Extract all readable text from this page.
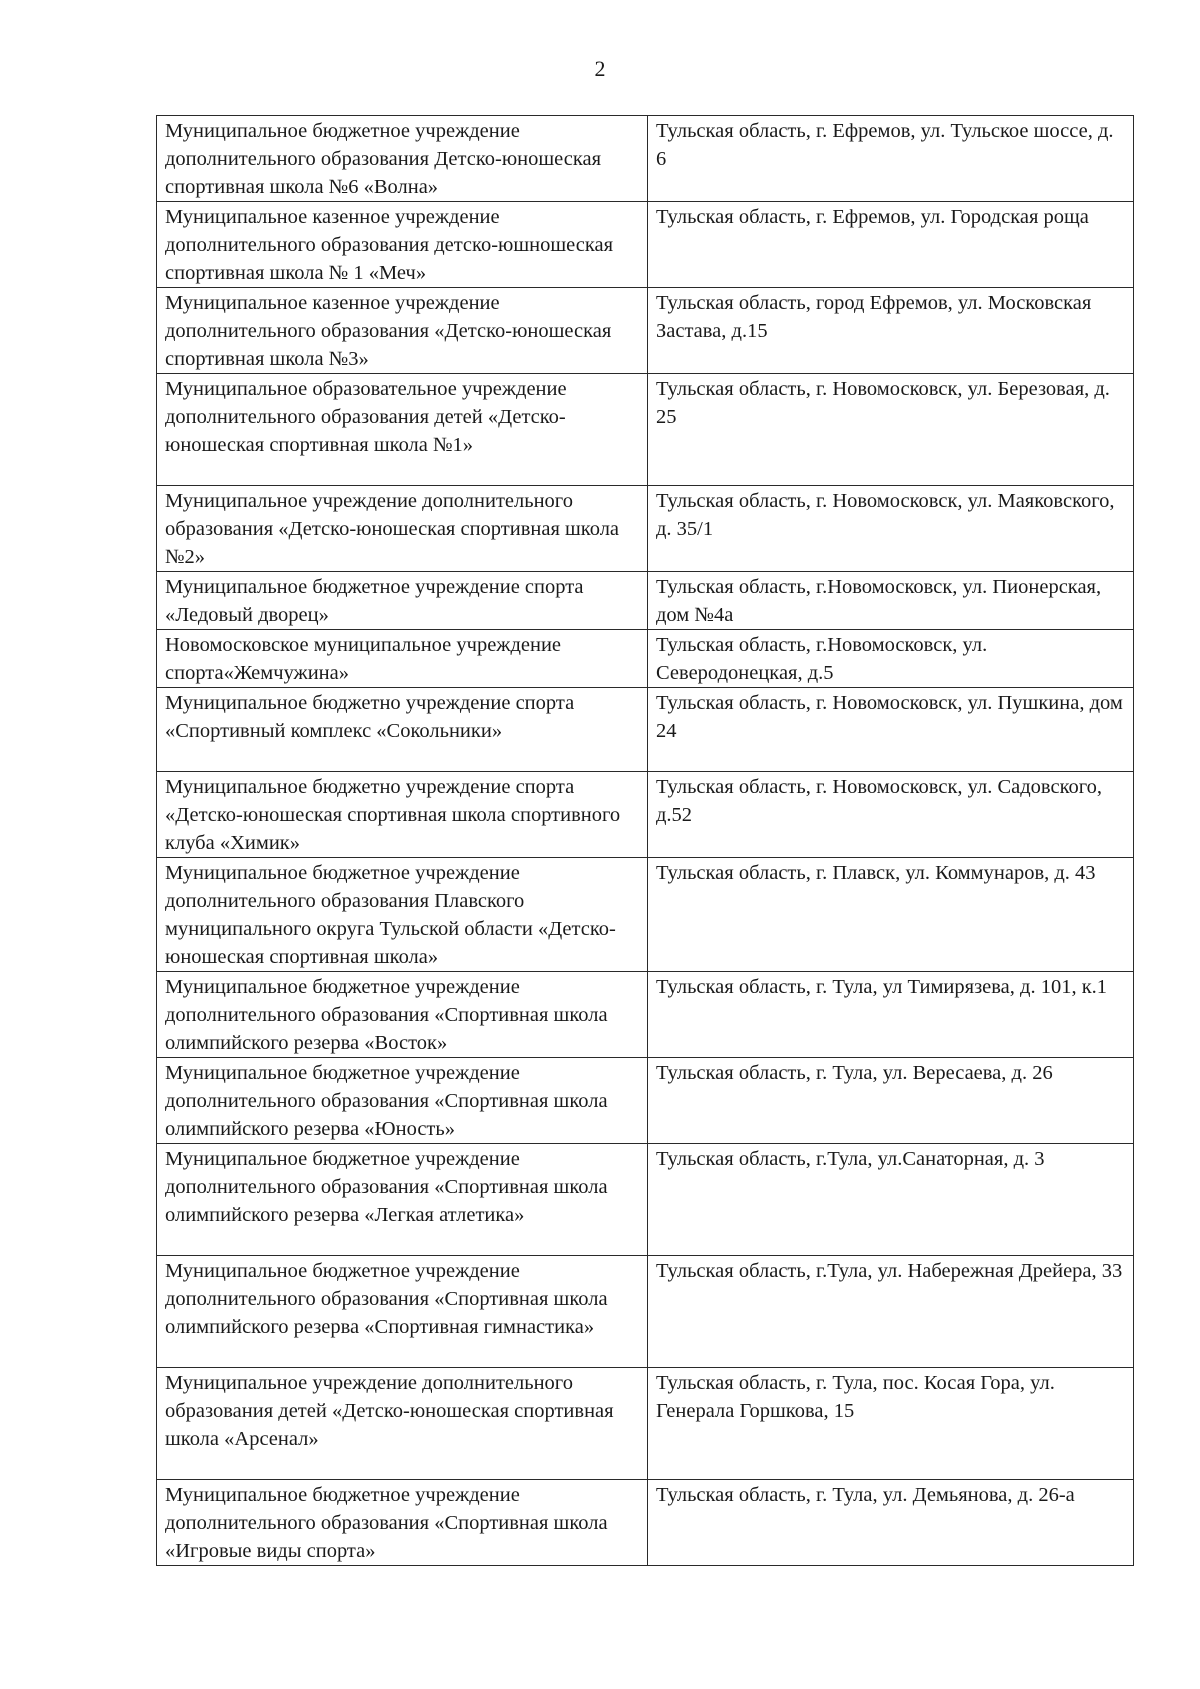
2
Муниципальное бюджетное учреждение дополнительного образования Детско-юношеская спортивная школа №6 «Волна»	Тульская область, г. Ефремов, ул. Тульское шоссе, д. 6
Муниципальное казенное учреждение дополнительного образования детско-юшношеская спортивная школа № 1 «Меч»	Тульская область, г. Ефремов, ул. Городская роща
Муниципальное казенное учреждение дополнительного образования «Детско-юношеская спортивная школа №3»	Тульская область, город Ефремов, ул. Московская Застава, д.15
Муниципальное образовательное учреждение дополнительного образования детей «Детско-юношеская спортивная школа №1»	Тульская область, г. Новомосковск, ул. Березовая, д. 25
Муниципальное учреждение дополнительного образования «Детско-юношеская спортивная школа №2»	Тульская область, г. Новомосковск, ул. Маяковского, д. 35/1
Муниципальное бюджетное учреждение спорта «Ледовый дворец»	Тульская область, г.Новомосковск, ул. Пионерская, дом №4а
Новомосковское муниципальное учреждение спорта«Жемчужина»	Тульская область, г.Новомосковск, ул. Северодонецкая, д.5
Муниципальное бюджетно учреждение спорта «Спортивный комплекс «Сокольники»	Тульская область, г. Новомосковск, ул. Пушкина, дом 24
Муниципальное бюджетно учреждение спорта «Детско-юношеская спортивная школа спортивного клуба «Химик»	Тульская область, г. Новомосковск, ул. Садовского, д.52
Муниципальное бюджетное учреждение дополнительного образования Плавского муниципального округа Тульской области «Детско-юношеская спортивная школа»	Тульская область, г. Плавск, ул. Коммунаров, д. 43
Муниципальное бюджетное учреждение дополнительного образования «Спортивная школа олимпийского резерва «Восток»	Тульская область, г. Тула, ул Тимирязева, д. 101, к.1
Муниципальное бюджетное учреждение дополнительного образования «Спортивная школа олимпийского резерва «Юность»	Тульская область, г. Тула, ул. Вересаева, д. 26
Муниципальное бюджетное учреждение дополнительного образования «Спортивная школа олимпийского резерва «Легкая атлетика»	Тульская область, г.Тула, ул.Санаторная, д. 3
Муниципальное бюджетное учреждение дополнительного образования «Спортивная школа олимпийского резерва «Спортивная гимнастика»	Тульская область, г.Тула, ул. Набережная Дрейера, 33
Муниципальное учреждение дополнительного образования детей «Детско-юношеская спортивная школа «Арсенал»	Тульская область, г. Тула, пос. Косая Гора, ул. Генерала Горшкова, 15
Муниципальное бюджетное учреждение дополнительного образования «Спортивная школа «Игровые виды спорта»	Тульская область, г. Тула, ул. Демьянова, д. 26-а
